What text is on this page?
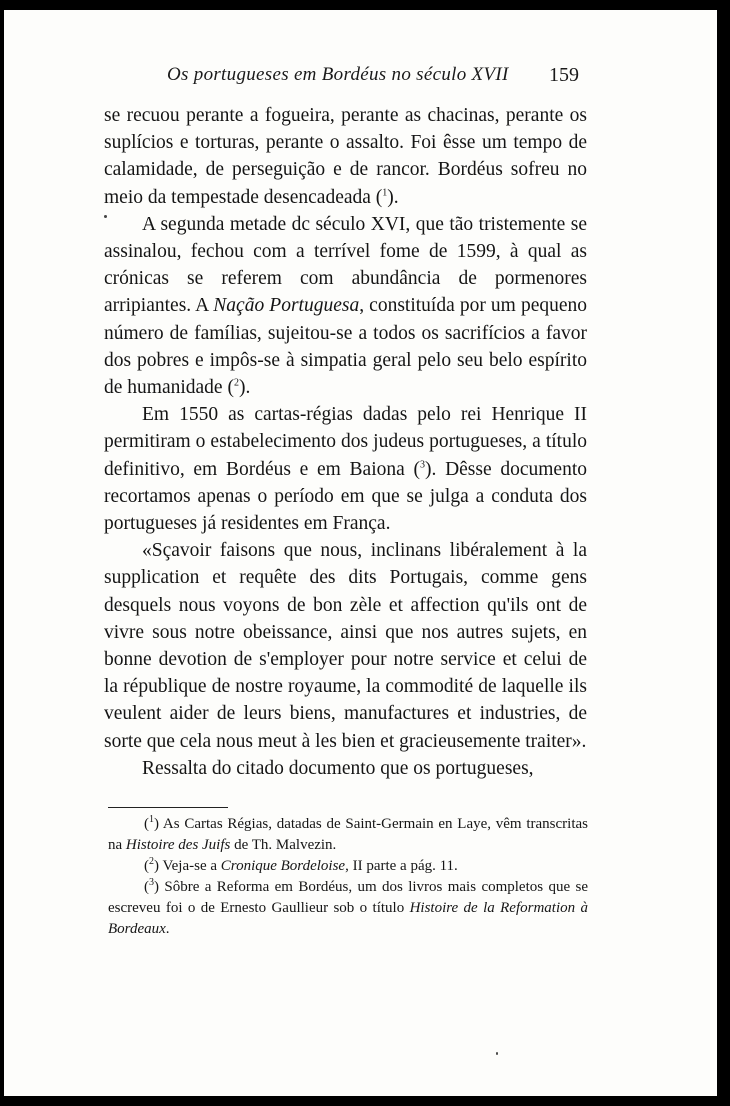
Os portugueses em Bordéus no século XVII 159

se recuou perante a fogueira, perante as chacinas, perante os suplícios e torturas, perante o assalto. Foi êsse um tempo de calamidade, de perseguição e de rancor. Bordéus sofreu no meio da tempestade desencadeada ($^1$).

A segunda metade dc século XVI, que tão tristemente se assinalou, fechou com a terrível fome de 1599, à qual as crónicas se referem com abundância de pormenores arripiantes. A Nação Portuguesa, constituída por um pequeno número de famílias, sujeitou-se a todos os sacrifícios a favor dos pobres e impôs-se à simpatia geral pelo seu belo espírito de humanidade ($^2$).

Em 1550 as cartas-régias dadas pelo rei Henrique II permitiram o estabelecimento dos judeus portugueses, a título definitivo, em Bordéus e em Baiona ($^3$). Dêsse documento recortamos apenas o período em que se julga a conduta dos portugueses já residentes em França.

«Sçavoir faisons que nous, inclinans libéralement à la supplication et requête des dits Portugais, comme gens desquels nous voyons de bon zèle et affection qu'ils ont de vivre sous notre obeissance, ainsi que nos autres sujets, en bonne devotion de s'employer pour notre service et celui de la république de nostre royaume, la commodité de laquelle ils veulent aider de leurs biens, manufactures et industries, de sorte que cela nous meut à les bien et gracieusemente traiter».

Ressalta do citado documento que os portugueses,

($^1$) As Cartas Régias, datadas de Saint-Germain en Laye, vêm transcritas na Histoire des Juifs de Th. Malvezin.

($^2$) Veja-se a Cronique Bordeloise, II parte a pág. 11.

($^3$) Sôbre a Reforma em Bordéus, um dos livros mais completos que se escreveu foi o de Ernesto Gaullieur sob o título Histoire de la Reformation à Bordeaux.
